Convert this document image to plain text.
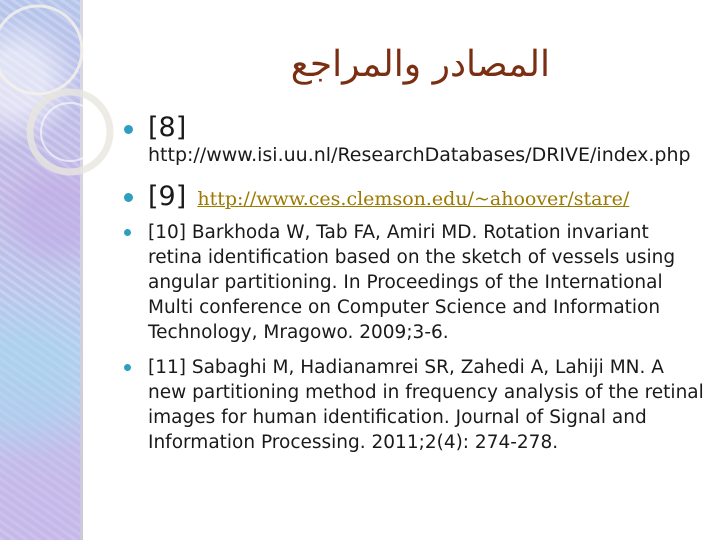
المصادر والمراجع
[8] http://www.isi.uu.nl/ResearchDatabases/DRIVE/index.php
[9] http://www.ces.clemson.edu/~ahoover/stare/
[10] Barkhoda W, Tab FA, Amiri MD. Rotation invariant retina identification based on the sketch of vessels using angular partitioning. In Proceedings of the International Multi conference on Computer Science and Information Technology, Mragowo. 2009;3-6.
[11] Sabaghi M, Hadianamrei SR, Zahedi A, Lahiji MN. A new partitioning method in frequency analysis of the retinal images for human identification. Journal of Signal and Information Processing. 2011;2(4): 274-278.
